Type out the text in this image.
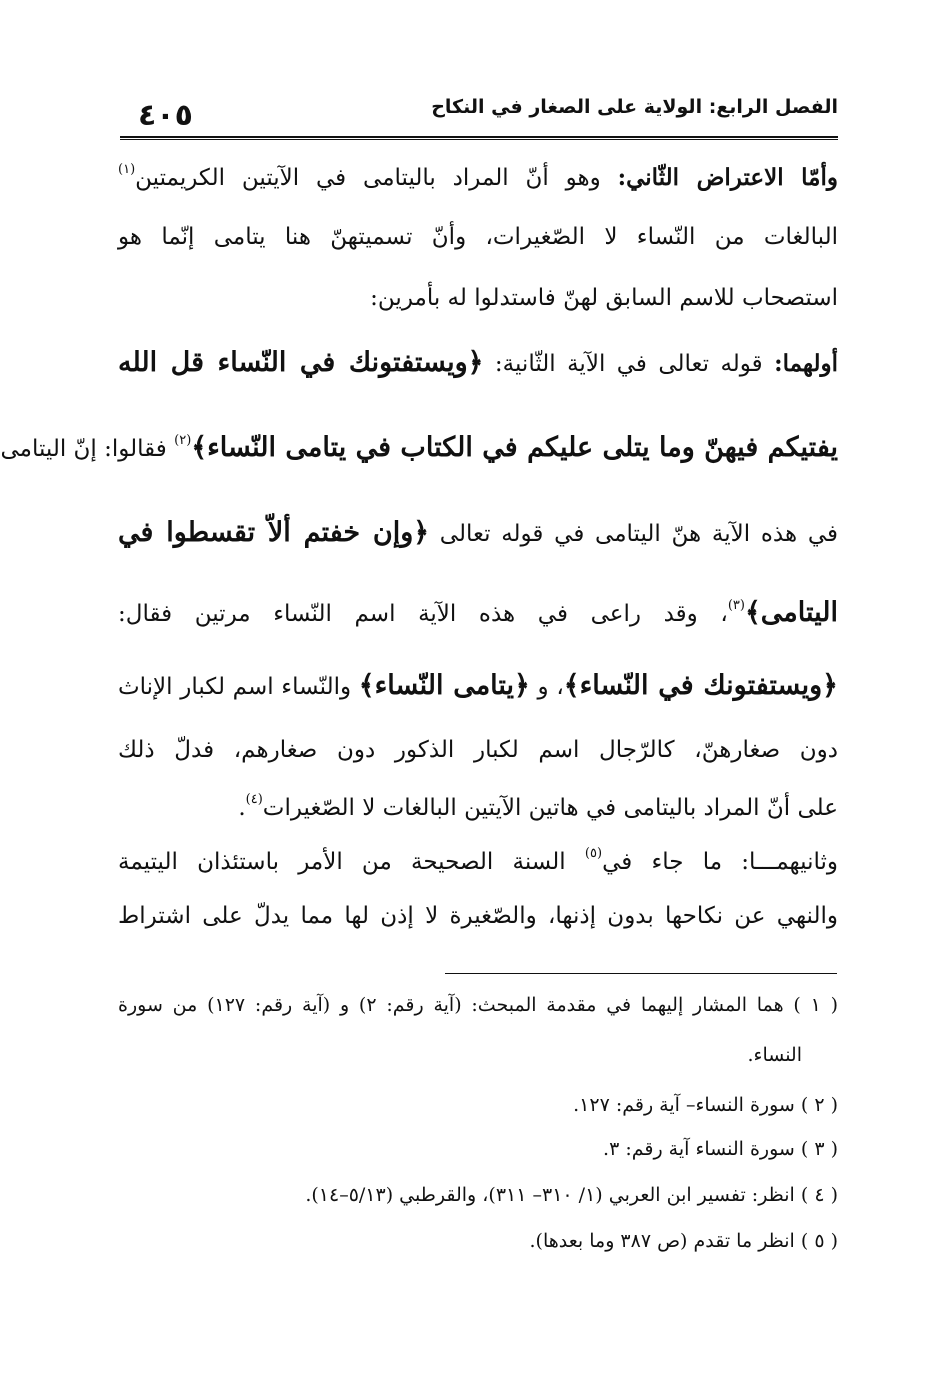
٤٠٥	الفصل الرابع: الولاية على الصغار في النكاح
وأمّا الاعتراض الثّاني: وهو أنّ المراد باليتامى في الآيتين الكريمتين$^{(١)}$
البالغات من النّساء لا الصّغيرات، وأنّ تسميتهنّ هنا يتامى إنّما هو
استصحاب للاسم السابق لهنّ فاستدلوا له بأمرين:
أولهما: قوله تعالى في الآية الثّانية: ﴿ويستفتونك في النّساء قل الله
يفتيكم فيهنّ وما يتلى عليكم في الكتاب في يتامى النّساء﴾$^{(٢)}$ فقالوا: إنّ اليتامى
في هذه الآية هنّ اليتامى في قوله تعالى ﴿وإن خفتم ألاّ تقسطوا في
اليتامى﴾$^{(٣)}$، وقد راعى في هذه الآية اسم النّساء مرتين فقال:
﴿ويستفتونك في النّساء﴾، و ﴿يتامى النّساء﴾ والنّساء اسم لكبار الإناث
دون صغارهنّ، كالرّجال اسم لكبار الذكور دون صغارهم، فدلّ ذلك
على أنّ المراد باليتامى في هاتين الآيتين البالغات لا الصّغيرات$^{(٤)}$.
وثانيهمـــا: ما جاء في$^{(٥)}$ السنة الصحيحة من الأمر باستئذان اليتيمة
والنهي عن نكاحها بدون إذنها، والصّغيرة لا إذن لها مما يدلّ على اشتراط
( ١ ) هما المشار إليهما في مقدمة المبحث: (آية رقم: ٢) و (آية رقم: ١٢٧) من سورة
النساء.
( ٢ ) سورة النساء– آية رقم: ١٢٧.
( ٣ ) سورة النساء آية رقم: ٣.
( ٤ ) انظر: تفسير ابن العربي (١/ ٣١٠– ٣١١)، والقرطبي (٥/١٣–١٤).
( ٥ ) انظر ما تقدم (ص ٣٨٧ وما بعدها).
